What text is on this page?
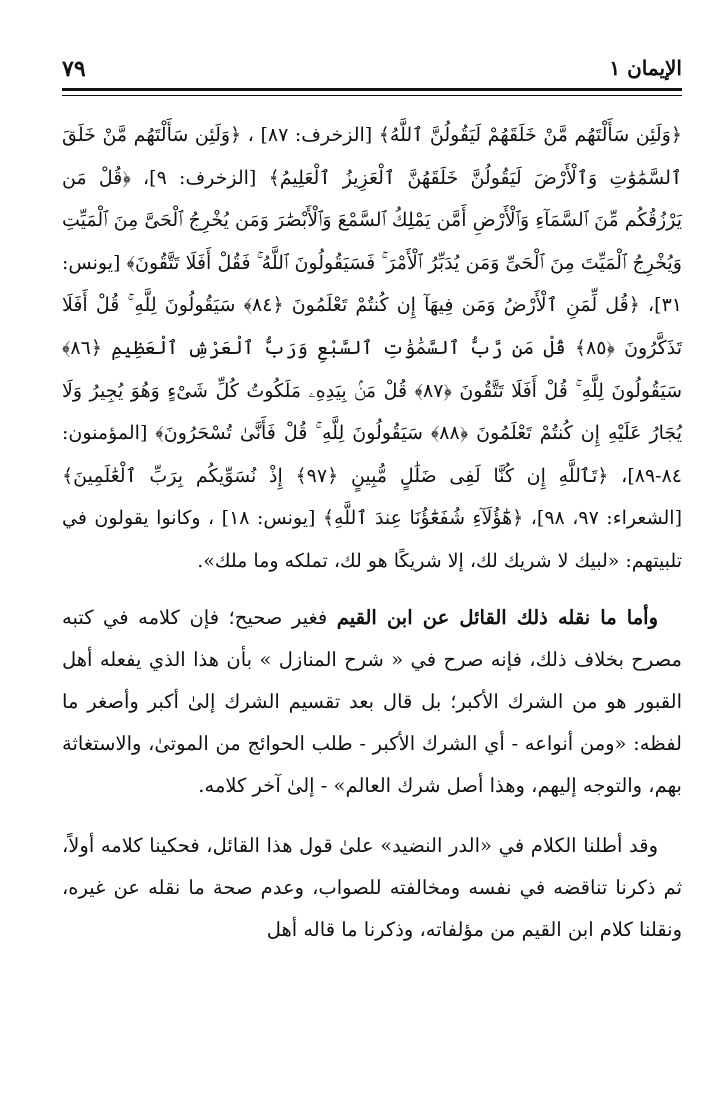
٧٩	الإيمان ١
﴿وَلَئِن سَأَلْتَهُم مَّنْ خَلَقَهُمْ لَيَقُولُنَّ ٱللَّهُ﴾ [الزخرف: ٨٧] ، ﴿وَلَئِن سَأَلْتَهُم مَّنْ خَلَقَ ٱلسَّمَٰوَٰتِ وَٱلْأَرْضَ لَيَقُولُنَّ خَلَقَهُنَّ ٱلْعَزِيزُ ٱلْعَلِيمُ﴾ [الزخرف: ٩]، ﴿قُلْ مَن يَرْزُقُكُم مِّنَ ٱلسَّمَآءِ وَٱلْأَرْضِ أَمَّن يَمْلِكُ ٱلسَّمْعَ وَٱلْأَبْصَٰرَ وَمَن يُخْرِجُ ٱلْحَىَّ مِنَ ٱلْمَيِّتِ وَيُخْرِجُ ٱلْمَيِّتَ مِنَ ٱلْحَىِّ وَمَن يُدَبِّرُ ٱلْأَمْرَ ۚ فَسَيَقُولُونَ ٱللَّهُ ۚ فَقُلْ أَفَلَا تَتَّقُونَ﴾ [يونس: ٣١]، ﴿قُل لِّمَنِ ٱلْأَرْضُ وَمَن فِيهَآ إِن كُنتُمْ تَعْلَمُونَ ﴿٨٤﴾ سَيَقُولُونَ لِلَّهِ ۚ قُلْ أَفَلَا تَذَكَّرُونَ ﴿٨٥﴾ قُلْ مَن رَّبُّ ٱلسَّمَٰوَٰتِ ٱلسَّبْعِ وَرَبُّ ٱلْعَرْشِ ٱلْعَظِيمِ ﴿٨٦﴾ سَيَقُولُونَ لِلَّهِ ۚ قُلْ أَفَلَا تَتَّقُونَ ﴿٨٧﴾ قُلْ مَنۢ بِيَدِهِۦ مَلَكُوتُ كُلِّ شَىْءٍ وَهُوَ يُجِيرُ وَلَا يُجَارُ عَلَيْهِ إِن كُنتُمْ تَعْلَمُونَ ﴿٨٨﴾ سَيَقُولُونَ لِلَّهِ ۚ قُلْ فَأَنَّىٰ تُسْحَرُونَ﴾ [المؤمنون: ٨٤-٨٩]، ﴿تَٱللَّهِ إِن كُنَّا لَفِى ضَلَٰلٍ مُّبِينٍ ﴿٩٧﴾ إِذْ نُسَوِّيكُم بِرَبِّ ٱلْعَٰلَمِينَ﴾ [الشعراء: ٩٧، ٩٨]، ﴿هَٰٓؤُلَآءِ شُفَعَٰٓؤُنَا عِندَ ٱللَّهِ﴾ [يونس: ١٨] ، وكانوا يقولون في تلبيتهم: «لبيك لا شريك لك، إلا شريكًا هو لك، تملكه وما ملك».
وأما ما نقله ذلك القائل عن ابن القيم فغير صحيح؛ فإن كلامه في كتبه مصرح بخلاف ذلك، فإنه صرح في « شرح المنازل » بأن هذا الذي يفعله أهل القبور هو من الشرك الأكبر؛ بل قال بعد تقسيم الشرك إلىٰ أكبر وأصغر ما لفظه: «ومن أنواعه - أي الشرك الأكبر - طلب الحوائج من الموتىٰ، والاستغاثة بهم، والتوجه إليهم، وهذا أصل شرك العالم» - إلىٰ آخر كلامه.
وقد أطلنا الكلام في «الدر النضيد» علىٰ قول هذا القائل، فحكينا كلامه أولاً، ثم ذكرنا تناقضه في نفسه ومخالفته للصواب، وعدم صحة ما نقله عن غيره، ونقلنا كلام ابن القيم من مؤلفاته، وذكرنا ما قاله أهل
